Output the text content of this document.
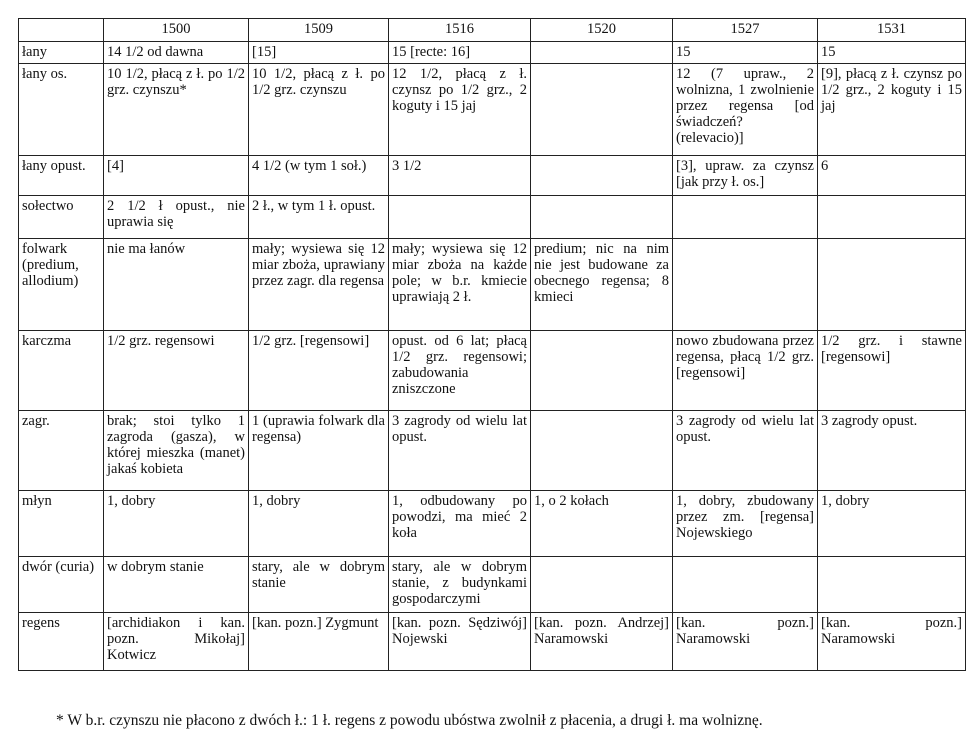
	1500	1509	1516	1520	1527	1531
łany	14 1/2 od dawna	[15]	15 [recte: 16]		15	15
łany os.	10 1/2, płacą z ł. po 1/2 grz. czynszu*	10 1/2, płacą z ł. po 1/2 grz. czynszu	12 1/2, płacą z ł. czynsz po 1/2 grz., 2 koguty i 15 jaj		12 (7 upraw., 2 wolnizna, 1 zwolnienie przez regensa [od świadczeń? (relevacio)]	[9], płacą z ł. czynsz po 1/2 grz., 2 koguty i 15 jaj
łany opust.	[4]	4 1/2 (w tym 1 soł.)	3 1/2		[3], upraw. za czynsz [jak przy ł. os.]	6
sołectwo	2 1/2 ł opust., nie uprawia się	2 ł., w tym 1 ł. opust.				
folwark (predium, allodium)	nie ma łanów	mały; wysiewa się 12 miar zboża, uprawiany przez zagr. dla regensa	mały; wysiewa się 12 miar zboża na każde pole; w b.r. kmiecie uprawiają 2 ł.	predium; nic na nim nie jest budowane za obecnego regensa; 8 kmieci		
karczma	1/2 grz. regensowi	1/2 grz. [regensowi]	opust. od 6 lat; płacą 1/2 grz. regensowi; zabudowania zniszczone		nowo zbudowana przez regensa, płacą 1/2 grz. [regensowi]	1/2 grz. i stawne [regensowi]
zagr.	brak; stoi tylko 1 zagroda (gasza), w której mieszka (manet) jakaś kobieta	1 (uprawia folwark dla regensa)	3 zagrody od wielu lat opust.		3 zagrody od wielu lat opust.	3 zagrody opust.
młyn	1, dobry	1, dobry	1, odbudowany po powodzi, ma mieć 2 koła	1, o 2 kołach	1, dobry, zbudowany przez zm. [regensa] Nojewskiego	1, dobry
dwór (curia)	w dobrym stanie	stary, ale w dobrym stanie	stary, ale w dobrym stanie, z budynkami gospodarczymi			
regens	[archidiakon i kan. pozn. Mikołaj] Kotwicz	[kan. pozn.] Zygmunt	[kan. pozn. Sędziwój] Nojewski	[kan. pozn. Andrzej] Naramowski	[kan. pozn.] Naramowski	[kan. pozn.] Naramowski
* W b.r. czynszu nie płacono z dwóch ł.: 1 ł. regens z powodu ubóstwa zwolnił z płacenia, a drugi ł. ma wolniznę.
